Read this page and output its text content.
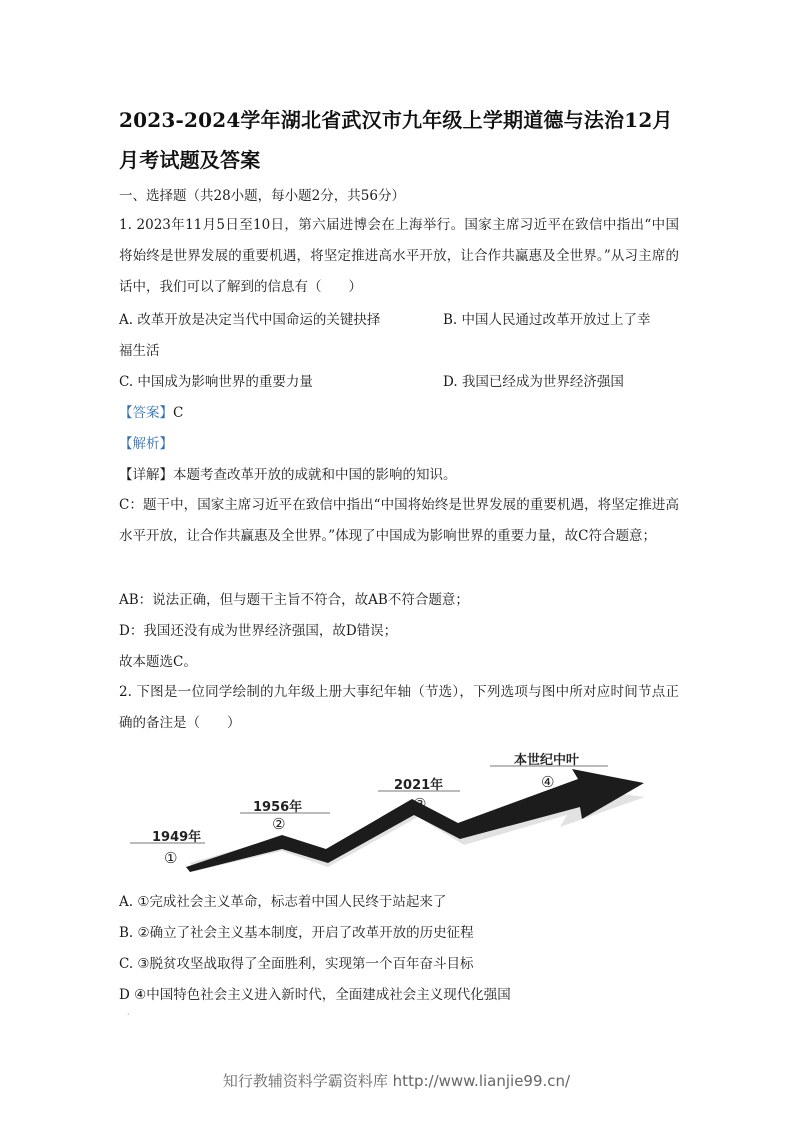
2023-2024学年湖北省武汉市九年级上学期道德与法治12月月考试题及答案
一、选择题（共28小题，每小题2分，共56分）
1. 2023年11月5日至10日，第六届进博会在上海举行。国家主席习近平在致信中指出“中国将始终是世界发展的重要机遇，将坚定推进高水平开放，让合作共赢惠及全世界。”从习主席的话中，我们可以了解到的信息有（　　）
A. 改革开放是决定当代中国命运的关键抉择	B. 中国人民通过改革开放过上了幸
福生活
C. 中国成为影响世界的重要力量	D. 我国已经成为世界经济强国
【答案】C
【解析】
【详解】本题考查改革开放的成就和中国的影响的知识。
C：题干中，国家主席习近平在致信中指出“中国将始终是世界发展的重要机遇，将坚定推进高水平开放，让合作共赢惠及全世界。”体现了中国成为影响世界的重要力量，故C符合题意；
AB：说法正确，但与题干主旨不符合，故AB不符合题意；
D：我国还没有成为世界经济强国，故D错误；
故本题选C。
2. 下图是一位同学绘制的九年级上册大事纪年轴（节选），下列选项与图中所对应时间节点正确的备注是（　　）
1949年
1956年
2021年
本世纪中叶
①
②
③
④
A. ①完成社会主义革命，标志着中国人民终于站起来了
B. ②确立了社会主义基本制度，开启了改革开放的历史征程
C. ③脱贫攻坚战取得了全面胜利，实现第一个百年奋斗目标
D ④中国特色社会主义进入新时代，全面建成社会主义现代化强国
·
知行教辅资料学霸资料库 http://www.lianjie99.cn/
